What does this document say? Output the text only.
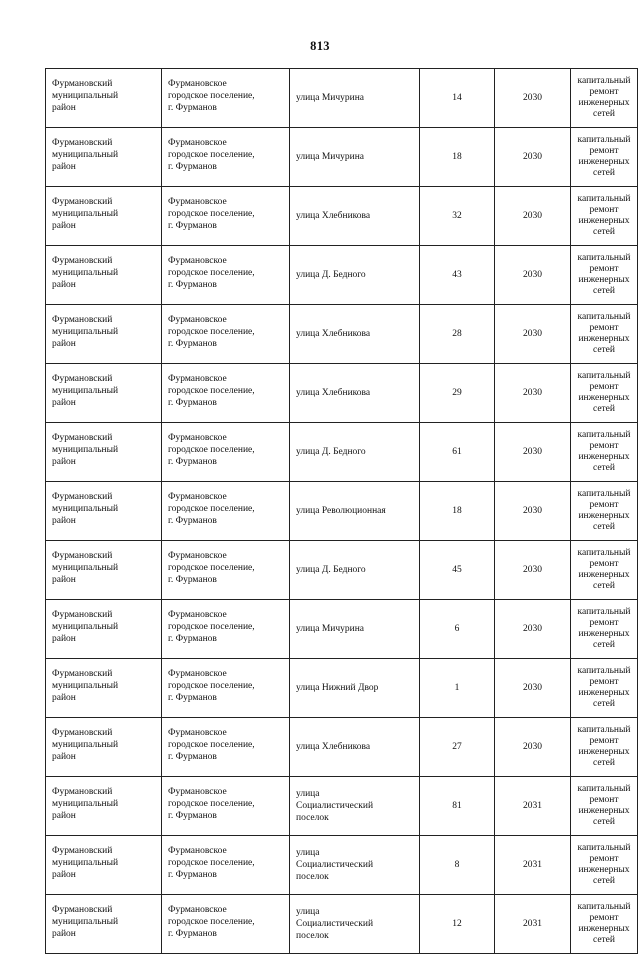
813
Фурмановский
муниципальный
район	Фурмановское
городское поселение,
г. Фурманов	улица Мичурина	14	2030	капитальный
ремонт
инженерных
сетей

Фурмановский
муниципальный
район	Фурмановское
городское поселение,
г. Фурманов	улица Мичурина	18	2030	капитальный
ремонт
инженерных
сетей

Фурмановский
муниципальный
район	Фурмановское
городское поселение,
г. Фурманов	улица Хлебникова	32	2030	капитальный
ремонт
инженерных
сетей

Фурмановский
муниципальный
район	Фурмановское
городское поселение,
г. Фурманов	улица Д. Бедного	43	2030	капитальный
ремонт
инженерных
сетей

Фурмановский
муниципальный
район	Фурмановское
городское поселение,
г. Фурманов	улица Хлебникова	28	2030	капитальный
ремонт
инженерных
сетей

Фурмановский
муниципальный
район	Фурмановское
городское поселение,
г. Фурманов	улица Хлебникова	29	2030	капитальный
ремонт
инженерных
сетей

Фурмановский
муниципальный
район	Фурмановское
городское поселение,
г. Фурманов	улица Д. Бедного	61	2030	капитальный
ремонт
инженерных
сетей

Фурмановский
муниципальный
район	Фурмановское
городское поселение,
г. Фурманов	улица Революционная	18	2030	капитальный
ремонт
инженерных
сетей

Фурмановский
муниципальный
район	Фурмановское
городское поселение,
г. Фурманов	улица Д. Бедного	45	2030	капитальный
ремонт
инженерных
сетей

Фурмановский
муниципальный
район	Фурмановское
городское поселение,
г. Фурманов	улица Мичурина	6	2030	капитальный
ремонт
инженерных
сетей

Фурмановский
муниципальный
район	Фурмановское
городское поселение,
г. Фурманов	улица Нижний Двор	1	2030	капитальный
ремонт
инженерных
сетей

Фурмановский
муниципальный
район	Фурмановское
городское поселение,
г. Фурманов	улица Хлебникова	27	2030	капитальный
ремонт
инженерных
сетей

Фурмановский
муниципальный
район	Фурмановское
городское поселение,
г. Фурманов	улица
Социалистический
поселок	81	2031	капитальный
ремонт
инженерных
сетей

Фурмановский
муниципальный
район	Фурмановское
городское поселение,
г. Фурманов	улица
Социалистический
поселок	8	2031	капитальный
ремонт
инженерных
сетей

Фурмановский
муниципальный
район	Фурмановское
городское поселение,
г. Фурманов	улица
Социалистический
поселок	12	2031	капитальный
ремонт
инженерных
сетей
